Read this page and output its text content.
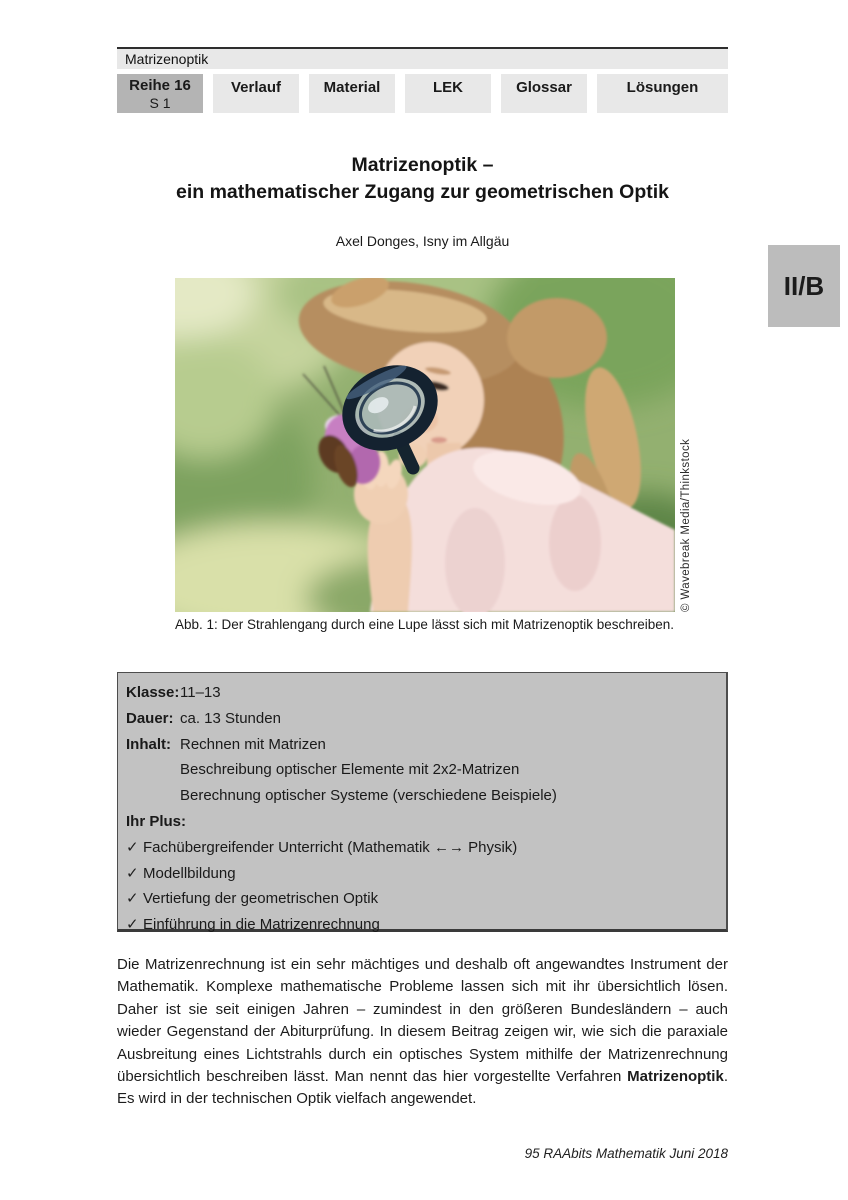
Matrizenoptik
Reihe 16
S 1
Verlauf	Material	LEK	Glossar	Lösungen
Matrizenoptik –
ein mathematischer Zugang zur geometrischen Optik
Axel Donges, Isny im Allgäu
II/B
© Wavebreak Media/Thinkstock
Abb. 1: Der Strahlengang durch eine Lupe lässt sich mit Matrizenoptik beschreiben.
Klasse: 11–13
Dauer: ca. 13 Stunden
Inhalt: Rechnen mit Matrizen
Beschreibung optischer Elemente mit 2x2-Matrizen
Berechnung optischer Systeme (verschiedene Beispiele)
Ihr Plus:
✓ Fachübergreifender Unterricht (Mathematik ←→ Physik)
✓ Modellbildung
✓ Vertiefung der geometrischen Optik
✓ Einführung in die Matrizenrechnung
Die Matrizenrechnung ist ein sehr mächtiges und deshalb oft angewandtes Instrument der Mathematik. Komplexe mathematische Probleme lassen sich mit ihr übersichtlich lösen. Daher ist sie seit einigen Jahren – zumindest in den größeren Bundesländern – auch wieder Gegenstand der Abiturprüfung. In diesem Beitrag zeigen wir, wie sich die paraxiale Ausbreitung eines Lichtstrahls durch ein optisches System mithilfe der Matrizenrechnung übersichtlich beschreiben lässt. Man nennt das hier vorgestellte Verfahren Matrizenoptik. Es wird in der technischen Optik vielfach angewendet.
95 RAAbits Mathematik Juni 2018
